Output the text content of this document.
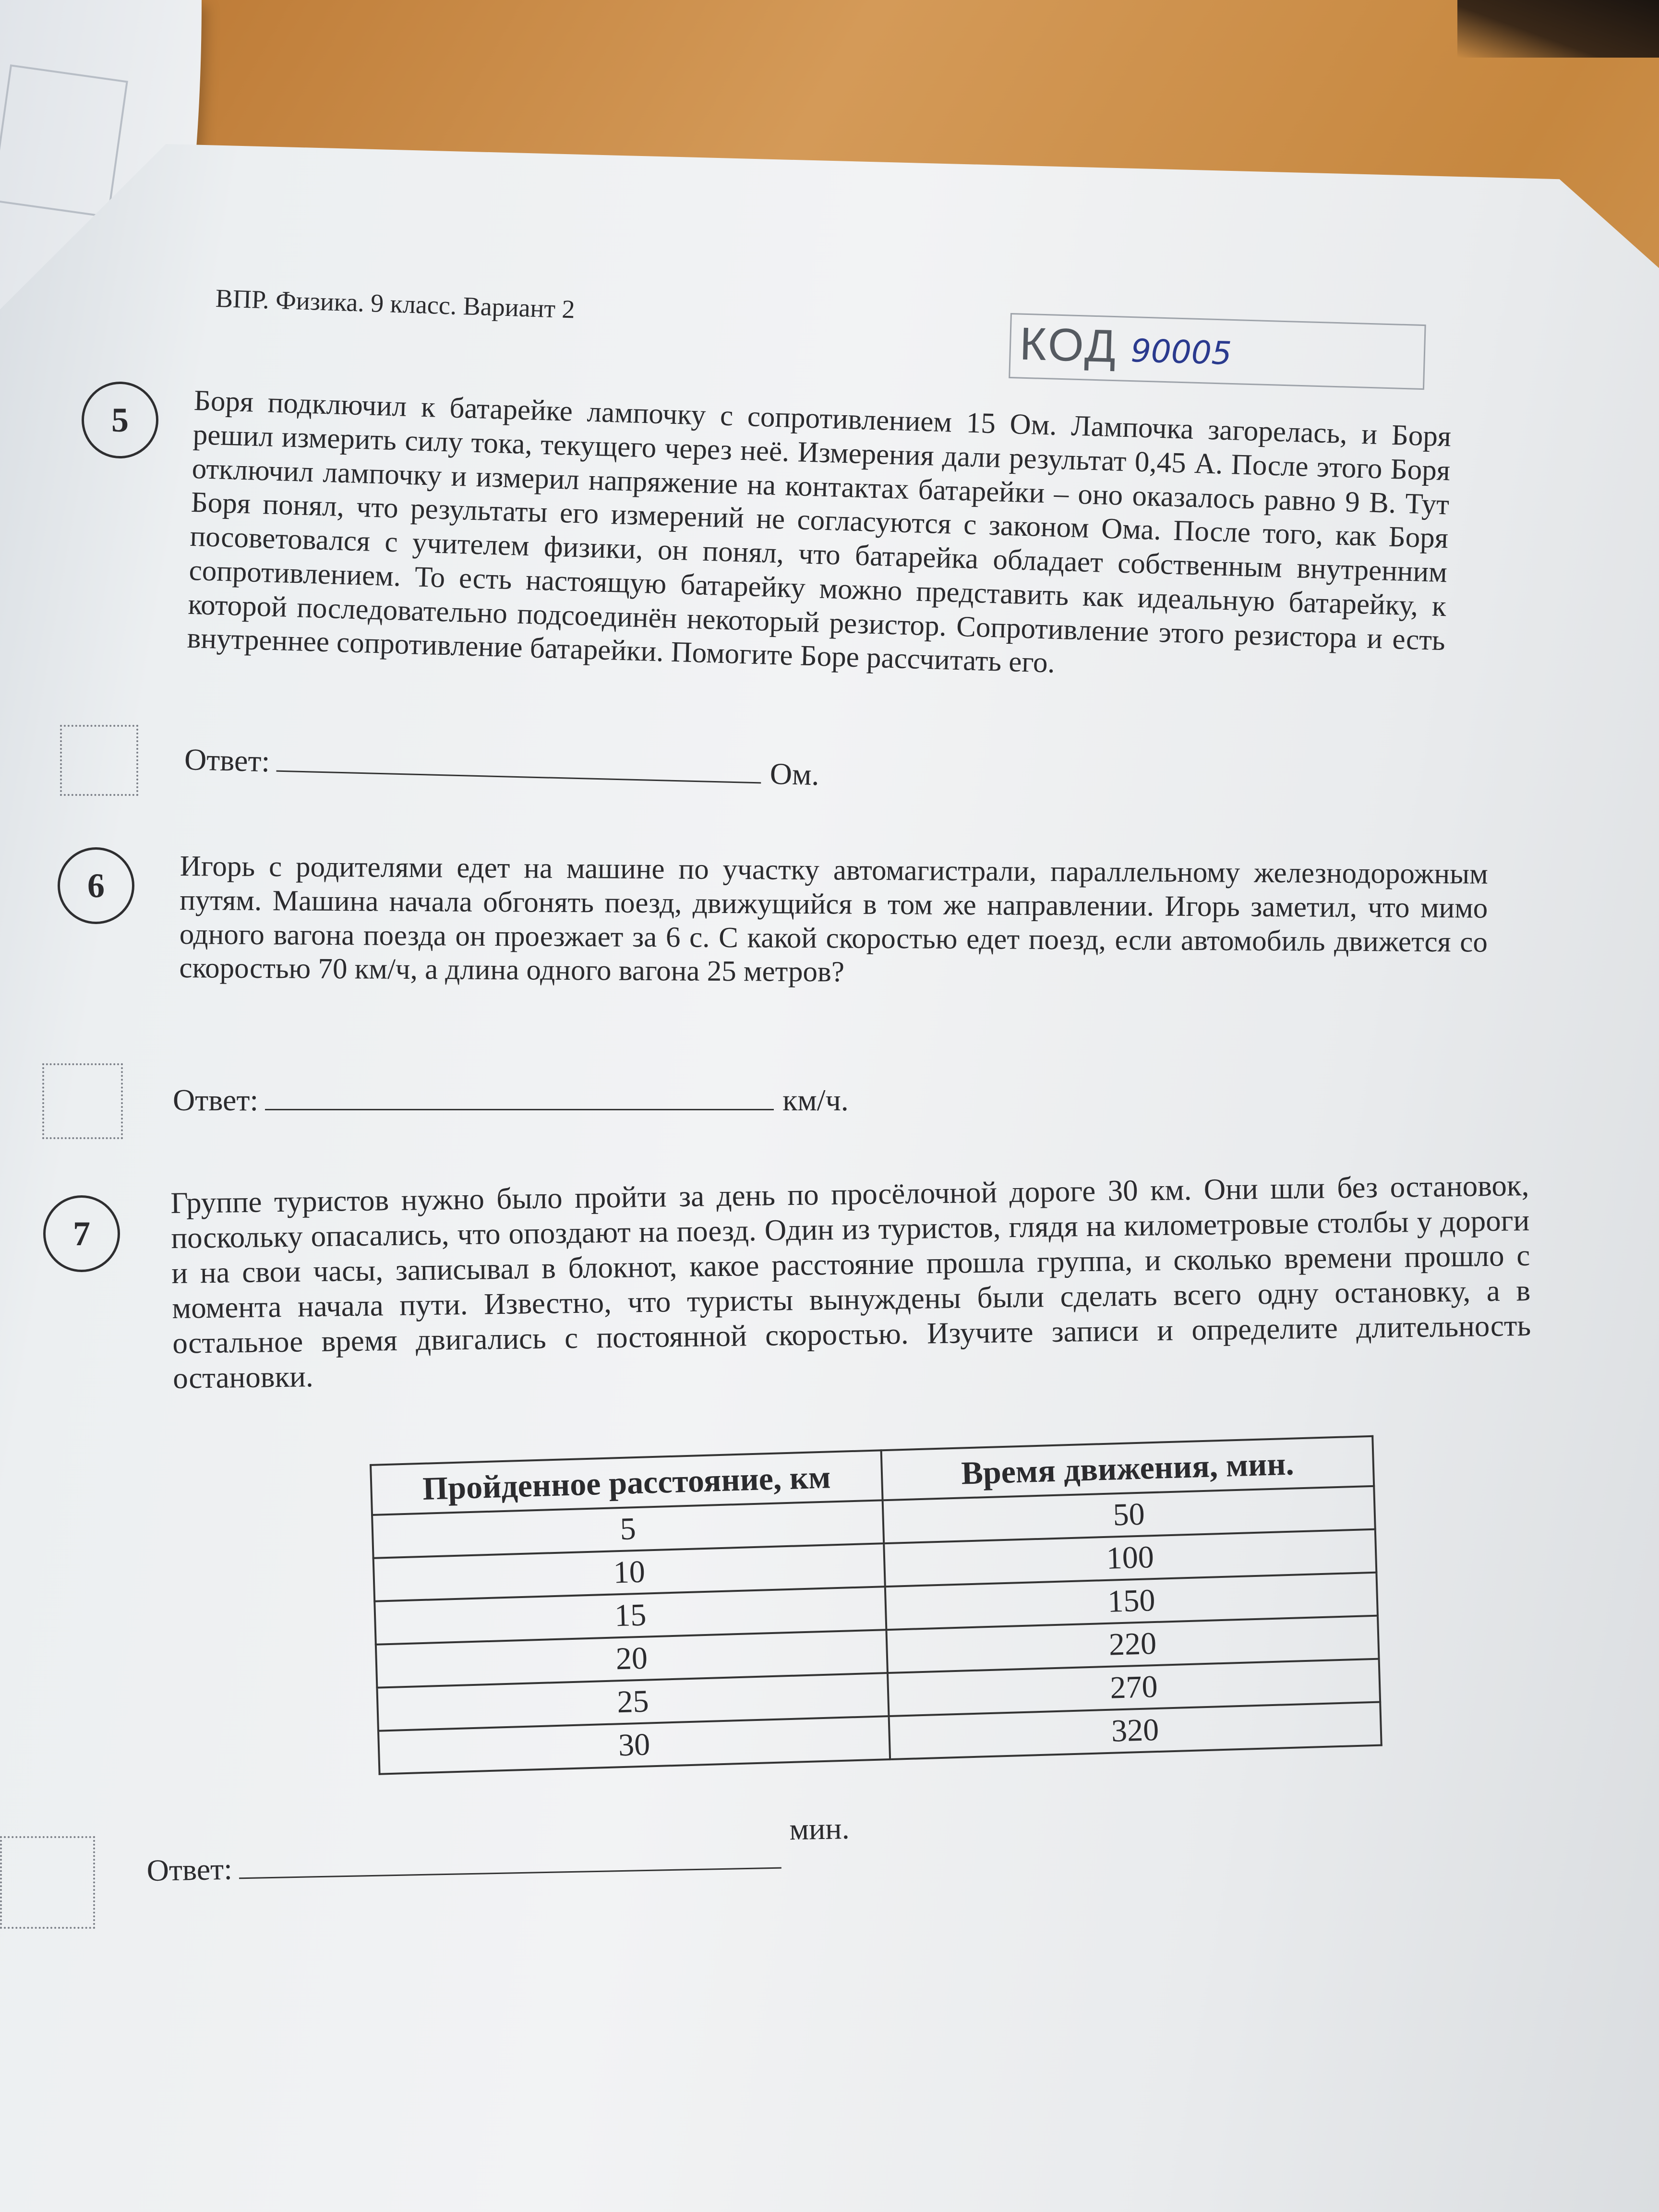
ВПР. Физика. 9 класс. Вариант 2
КОД 90005
5	Боря подключил к батарейке лампочку с сопротивлением 15 Ом. Лампочка загорелась, и Боря решил измерить силу тока, текущего через неё. Измерения дали результат 0,45 А. После этого Боря отключил лампочку и измерил напряжение на контактах батарейки – оно оказалось равно 9 В. Тут Боря понял, что результаты его измерений не согласуются с законом Ома. После того, как Боря посоветовался с учителем физики, он понял, что батарейка обладает собственным внутренним сопротивлением. То есть настоящую батарейку можно представить как идеальную батарейку, к которой последовательно подсоединён некоторый резистор. Сопротивление этого резистора и есть внутреннее сопротивление батарейки. Помогите Боре рассчитать его.
Ответ:	Ом.
6	Игорь с родителями едет на машине по участку автомагистрали, параллельному железнодорожным путям. Машина начала обгонять поезд, движущийся в том же направлении. Игорь заметил, что мимо одного вагона поезда он проезжает за 6 с. С какой скоростью едет поезд, если автомобиль движется со скоростью 70 км/ч, а длина одного вагона 25 метров?
Ответ:	км/ч.
7
Группе туристов нужно было пройти за день по просёлочной дороге 30 км. Они шли без остановок, поскольку опасались, что опоздают на поезд. Один из туристов, глядя на километровые столбы у дороги и на свои часы, записывал в блокнот, какое расстояние прошла группа, и сколько времени прошло с момента начала пути. Известно, что туристы вынуждены были сделать всего одну остановку, а в остальное время двигались с постоянной скоростью. Изучите записи и определите длительность остановки.
Пройденное расстояние, км	Время движения, мин.
5	50
10	100
15	150
20	220
25	270
30	320
Ответ:мин.
